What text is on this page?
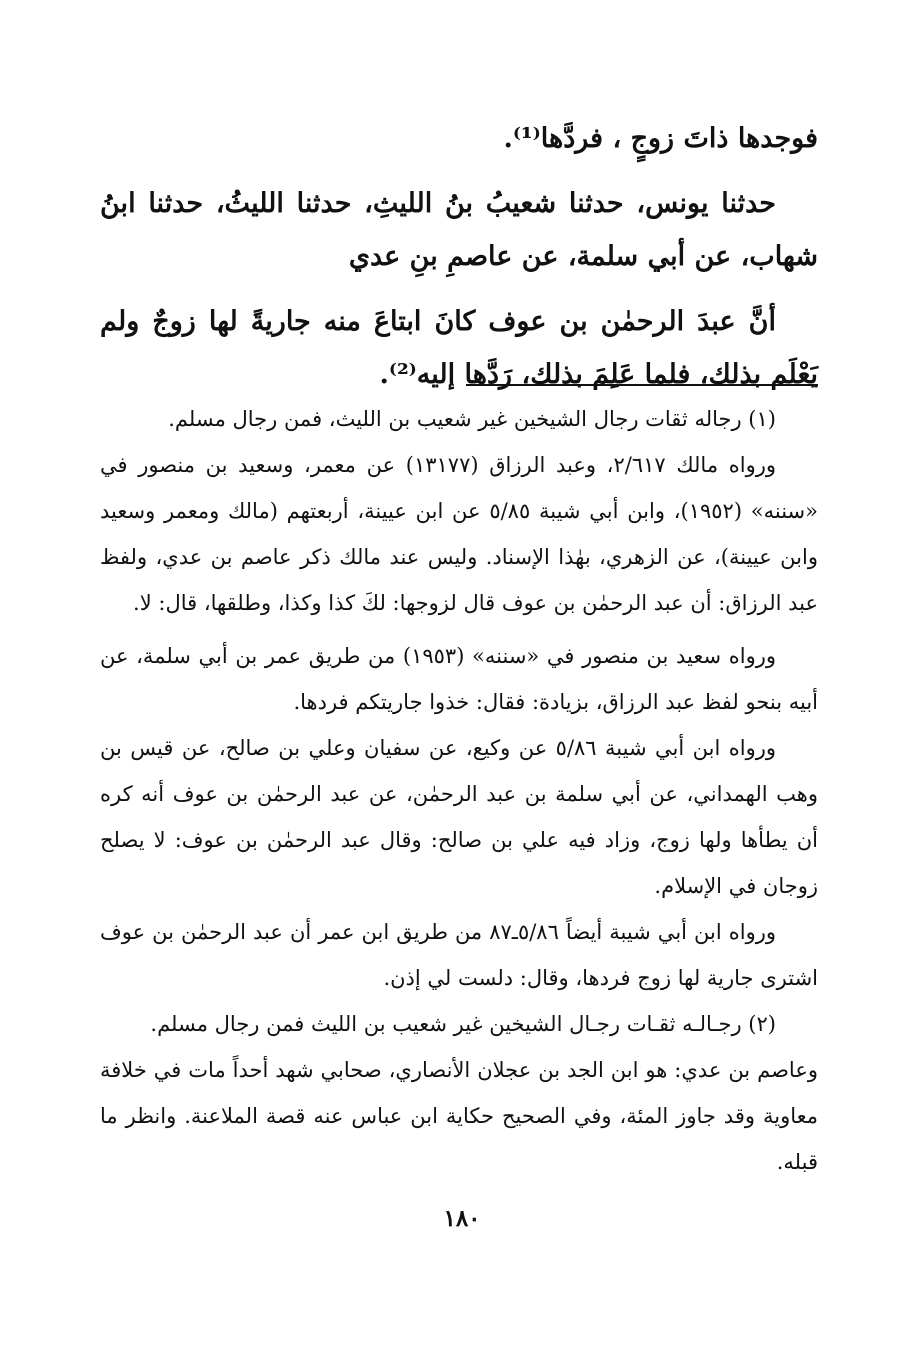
فوجدها ذاتَ زوجٍ ، فردَّها⁽¹⁾.

حدثنا يونس، حدثنا شعيبُ بنُ الليثِ، حدثنا الليثُ، حدثنا ابنُ شهاب، عن أبي سلمة، عن عاصمِ بنِ عدي

أنَّ عبدَ الرحمٰن بن عوف كانَ ابتاعَ منه جاريةً لها زوجٌ ولم يَعْلَم بذلك، فلما عَلِمَ بذلك، رَدَّها إليه⁽²⁾.

(١) رجاله ثقات رجال الشيخين غير شعيب بن الليث، فمن رجال مسلم.

ورواه مالك ٢/٦١٧، وعبد الرزاق (١٣١٧٧) عن معمر، وسعيد بن منصور في «سننه» (١٩٥٢)، وابن أبي شيبة ٥/٨٥ عن ابن عيينة، أربعتهم (مالك ومعمر وسعيد وابن عيينة)، عن الزهري، بهٰذا الإسناد. وليس عند مالك ذكر عاصم بن عدي، ولفظ عبد الرزاق: أن عبد الرحمٰن بن عوف قال لزوجها: لكَ كذا وكذا، وطلقها، قال: لا.

ورواه سعيد بن منصور في «سننه» (١٩٥٣) من طريق عمر بن أبي سلمة، عن أبيه بنحو لفظ عبد الرزاق، بزيادة: فقال: خذوا جاريتكم فردها.

ورواه ابن أبي شيبة ٥/٨٦ عن وكيع، عن سفيان وعلي بن صالح، عن قيس بن وهب الهمداني، عن أبي سلمة بن عبد الرحمٰن، عن عبد الرحمٰن بن عوف أنه كره أن يطأها ولها زوج، وزاد فيه علي بن صالح: وقال عبد الرحمٰن بن عوف: لا يصلح زوجان في الإسلام.

ورواه ابن أبي شيبة أيضاً ٥/٨٦ـ٨٧ من طريق ابن عمر أن عبد الرحمٰن بن عوف اشترى جارية لها زوج فردها، وقال: دلست لي إذن.

(٢) رجـالـه ثقـات رجـال الشيخين غير شعيب بن الليث فمن رجال مسلم.

وعاصم بن عدي: هو ابن الجد بن عجلان الأنصاري، صحابي شهد أحداً مات في خلافة معاوية وقد جاوز المئة، وفي الصحيح حكاية ابن عباس عنه قصة الملاعنة. وانظر ما قبله.

١٨٠
